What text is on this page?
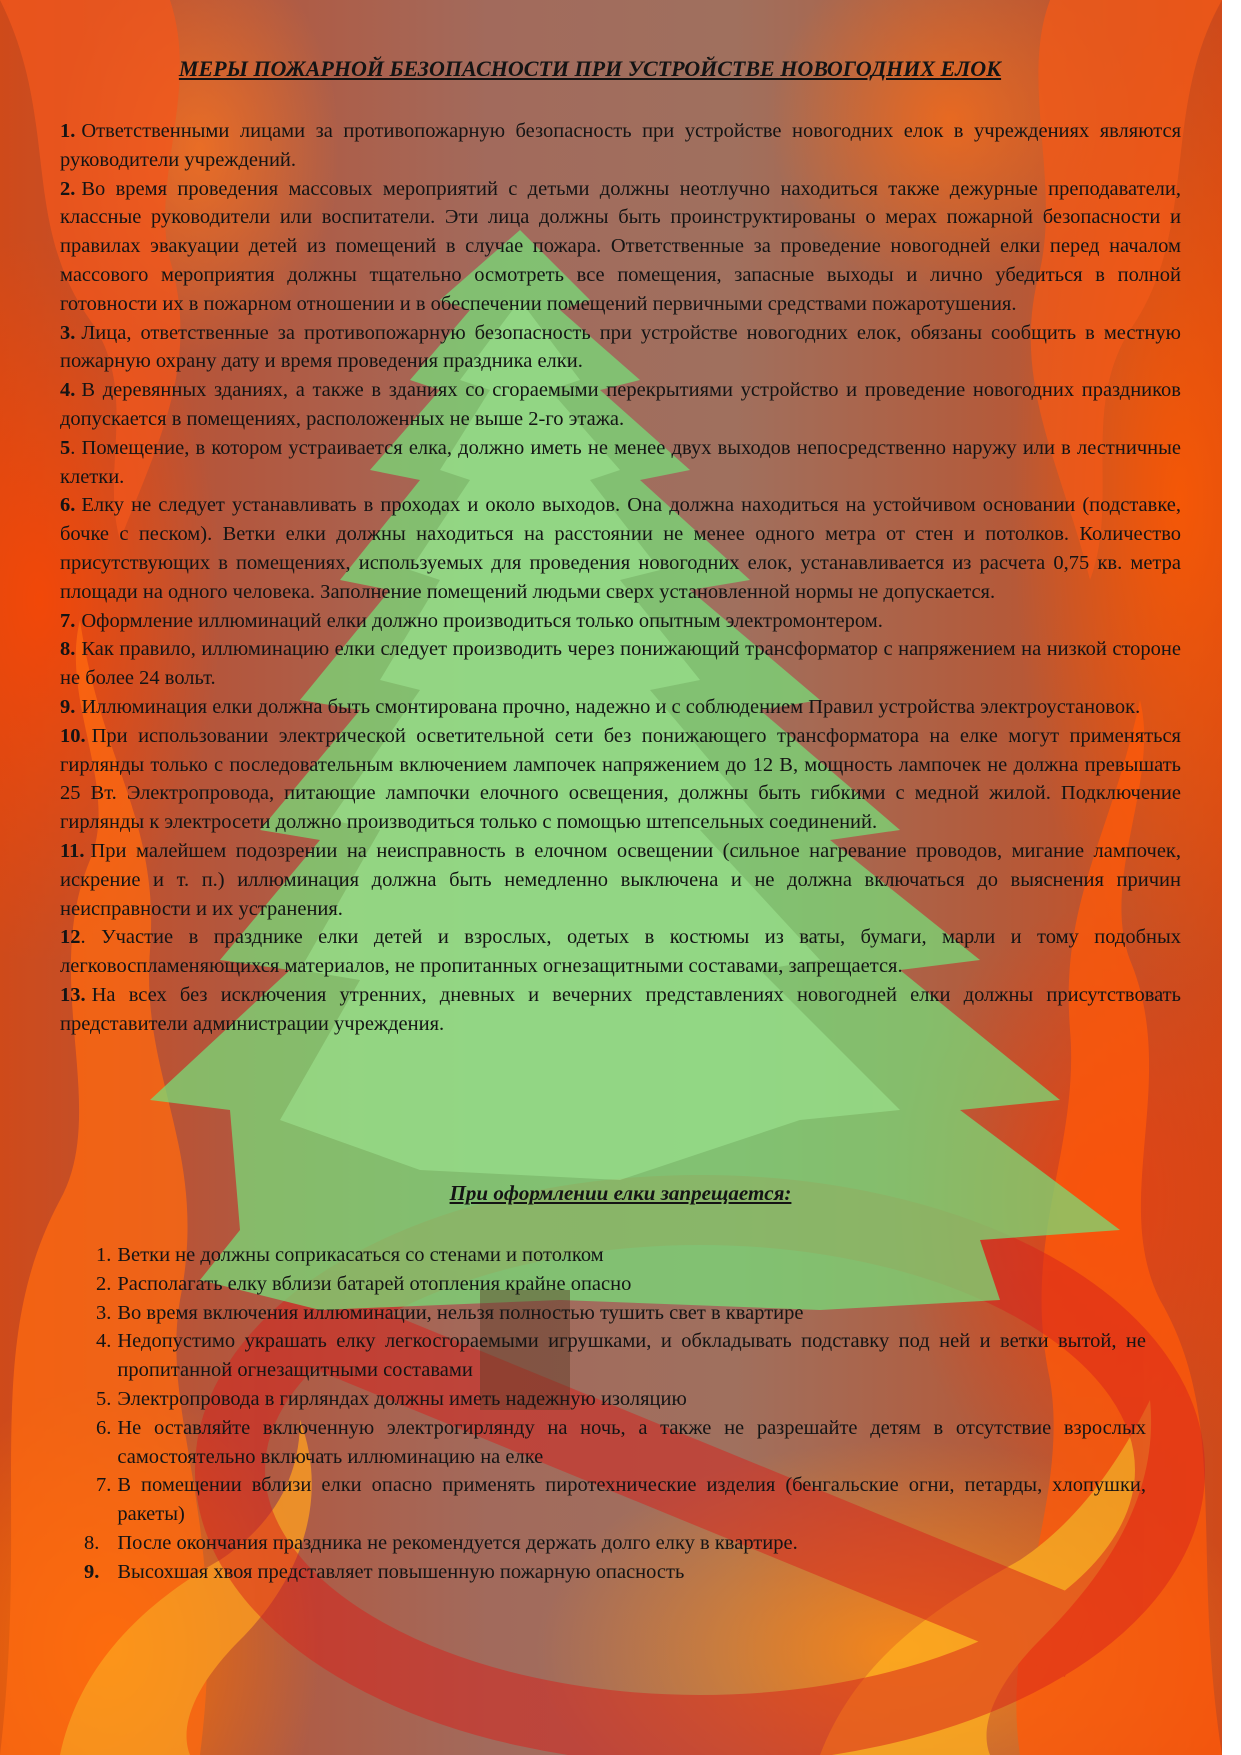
МЕРЫ ПОЖАРНОЙ БЕЗОПАСНОСТИ ПРИ УСТРОЙСТВЕ НОВОГОДНИХ ЕЛОК

1. Ответственными лицами за противопожарную безопасность при устройстве новогодних елок в учреждениях являются руководители учреждений.

2. Во время проведения массовых мероприятий с детьми должны неотлучно находиться также дежурные преподаватели, классные руководители или воспитатели. Эти лица должны быть проинструктированы о мерах пожарной безопасности и правилах эвакуации детей из помещений в случае пожара. Ответственные за проведение новогодней елки перед началом массового мероприятия должны тщательно осмотреть все помещения, запасные выходы и лично убедиться в полной готовности их в пожарном отношении и в обеспечении помещений первичными средствами пожаротушения.

3. Лица, ответственные за противопожарную безопасность при устройстве новогодних елок, обязаны сообщить в местную пожарную охрану дату и время проведения праздника елки.

4. В деревянных зданиях, а также в зданиях со сгораемыми перекрытиями устройство и проведение новогодних праздников допускается в помещениях, расположенных не выше 2-го этажа.

5. Помещение, в котором устраивается елка, должно иметь не менее двух выходов непосредственно наружу или в лестничные клетки.

6. Елку не следует устанавливать в проходах и около выходов. Она должна находиться на устойчивом основании (подставке, бочке с песком). Ветки елки должны находиться на расстоянии не менее одного метра от стен и потолков. Количество присутствующих в помещениях, используемых для проведения новогодних елок, устанавливается из расчета 0,75 кв. метра площади на одного человека. Заполнение помещений людьми сверх установленной нормы не допускается.

7. Оформление иллюминаций елки должно производиться только опытным электромонтером.

8. Как правило, иллюминацию елки следует производить через понижающий трансформатор с напряжением на низкой стороне не более 24 вольт.

9. Иллюминация елки должна быть смонтирована прочно, надежно и с соблюдением Правил устройства электроустановок.

10. При использовании электрической осветительной сети без понижающего трансформатора на елке могут применяться гирлянды только с последовательным включением лампочек напряжением до 12 В, мощность лампочек не должна превышать 25 Вт. Электропровода, питающие лампочки елочного освещения, должны быть гибкими с медной жилой. Подключение гирлянды к электросети должно производиться только с помощью штепсельных соединений.

11. При малейшем подозрении на неисправность в елочном освещении (сильное нагревание проводов, мигание лампочек, искрение и т. п.) иллюминация должна быть немедленно выключена и не должна включаться до выяснения причин неисправности и их устранения.

12. Участие в празднике елки детей и взрослых, одетых в костюмы из ваты, бумаги, марли и тому подобных легковоспламеняющихся материалов, не пропитанных огнезащитными составами, запрещается.

13. На всех без исключения утренних, дневных и вечерних представлениях новогодней елки должны присутствовать представители администрации учреждения.

При оформлении елки запрещается:
1. Ветки не должны соприкасаться со стенами и потолком
2. Располагать елку вблизи батарей отопления крайне опасно
3. Во время включения иллюминации, нельзя полностью тушить свет в квартире
4. Недопустимо украшать елку легкосгораемыми игрушками, и обкладывать подставку под ней и ветки вытой, не пропитанной огнезащитными составами
5. Электропровода в гирляндах должны иметь надежную изоляцию
6. Не оставляйте включенную электрогирлянду на ночь, а также не разрешайте детям в отсутствие взрослых самостоятельно включать иллюминацию на елке
7. В помещении вблизи елки опасно применять пиротехнические изделия (бенгальские огни, петарды, хлопушки, ракеты)
8. После окончания праздника не рекомендуется держать долго елку в квартире.
9. Высохшая хвоя представляет повышенную пожарную опасность
